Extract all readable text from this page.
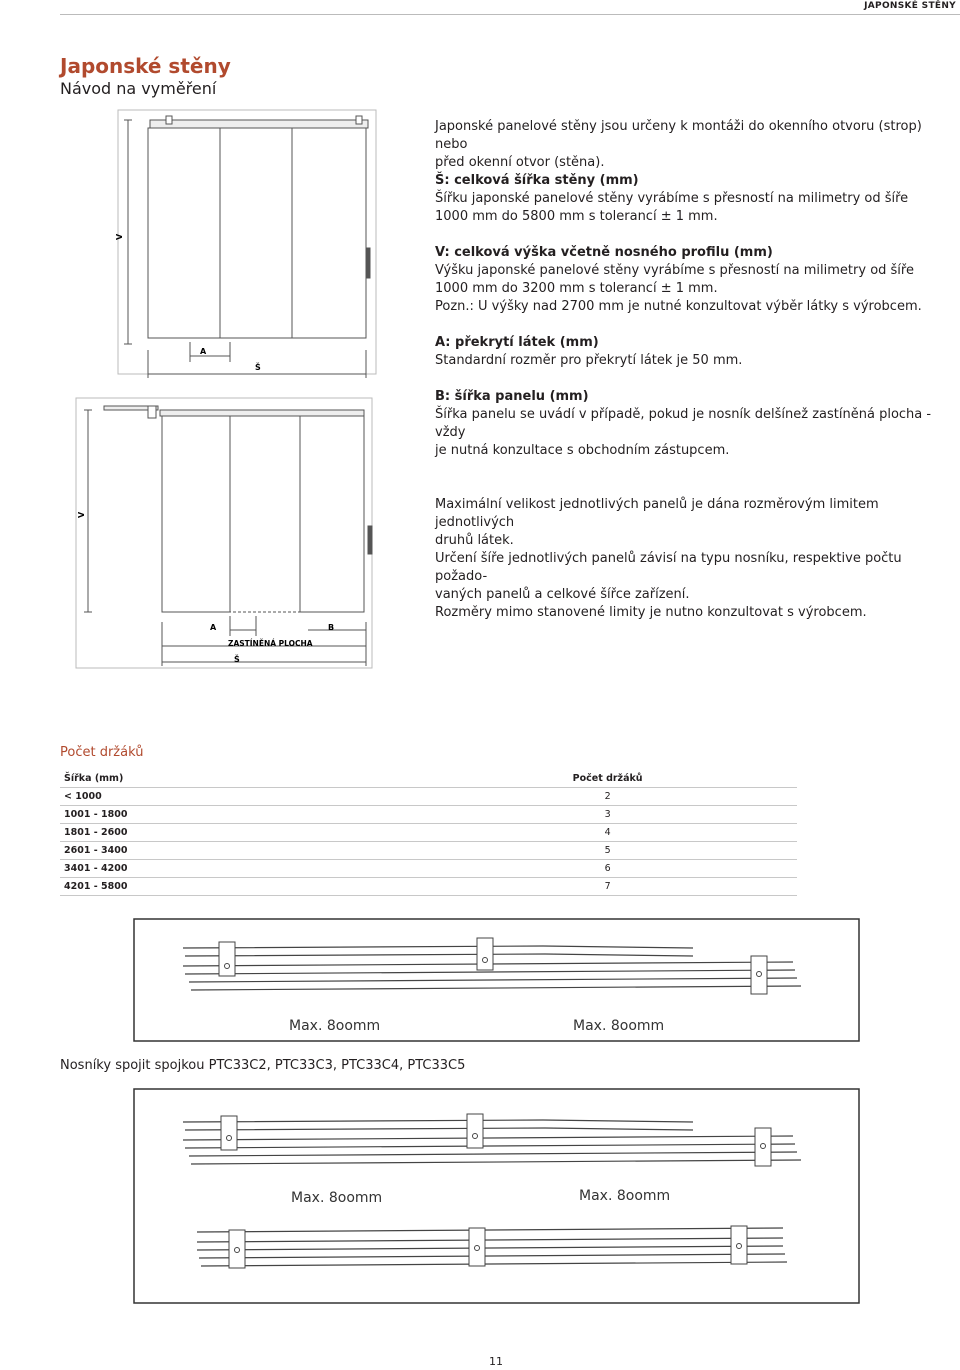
JAPONSKÉ STĚNY
Japonské stěny
Návod na vyměření

Japonské panelové stěny jsou určeny k montáži do okenního otvoru (strop) nebo

před okenní otvor (stěna).

Š: celková šířka stěny (mm)

Šířku japonské panelové stěny vyrábíme s přesností na milimetry od šíře

1000 mm do 5800 mm s tolerancí ± 1 mm.

V: celková výška včetně nosného profilu (mm)

Výšku japonské panelové stěny vyrábíme s přesností na milimetry od šíře

1000 mm do 3200 mm s tolerancí ± 1 mm.

Pozn.: U výšky nad 2700 mm je nutné konzultovat výběr látky s výrobcem.

A: překrytí látek (mm)

Standardní rozměr pro překrytí látek je 50 mm.

B: šířka panelu (mm)

Šířka panelu se uvádí v případě, pokud je nosník delšínež zastíněná plocha - vždy

je nutná konzultace s obchodním zástupcem.

Maximální velikost jednotlivých panelů je dána rozměrovým limitem jednotlivých

druhů látek.

Určení šíře jednotlivých panelů závisí na typu nosníku, respektive počtu požado-

vaných panelů a celkové šířce zařízení.

Rozměry mimo stanovené limity je nutno konzultovat s výrobcem.

V
A
Š
V
A	B
ZASTÍNĚNÁ PLOCHA
Š
Počet držáků
Šířka (mm)	Počet držáků
< 1000	2
1001 - 1800	3
1801 - 2600	4
2601 - 3400	5
3401 - 4200	6
4201 - 5800	7
Max. 8oomm	Max. 8oomm
Nosníky spojit spojkou PTC33C2, PTC33C3, PTC33C4, PTC33C5
Max. 8oomm	Max. 8oomm
11
